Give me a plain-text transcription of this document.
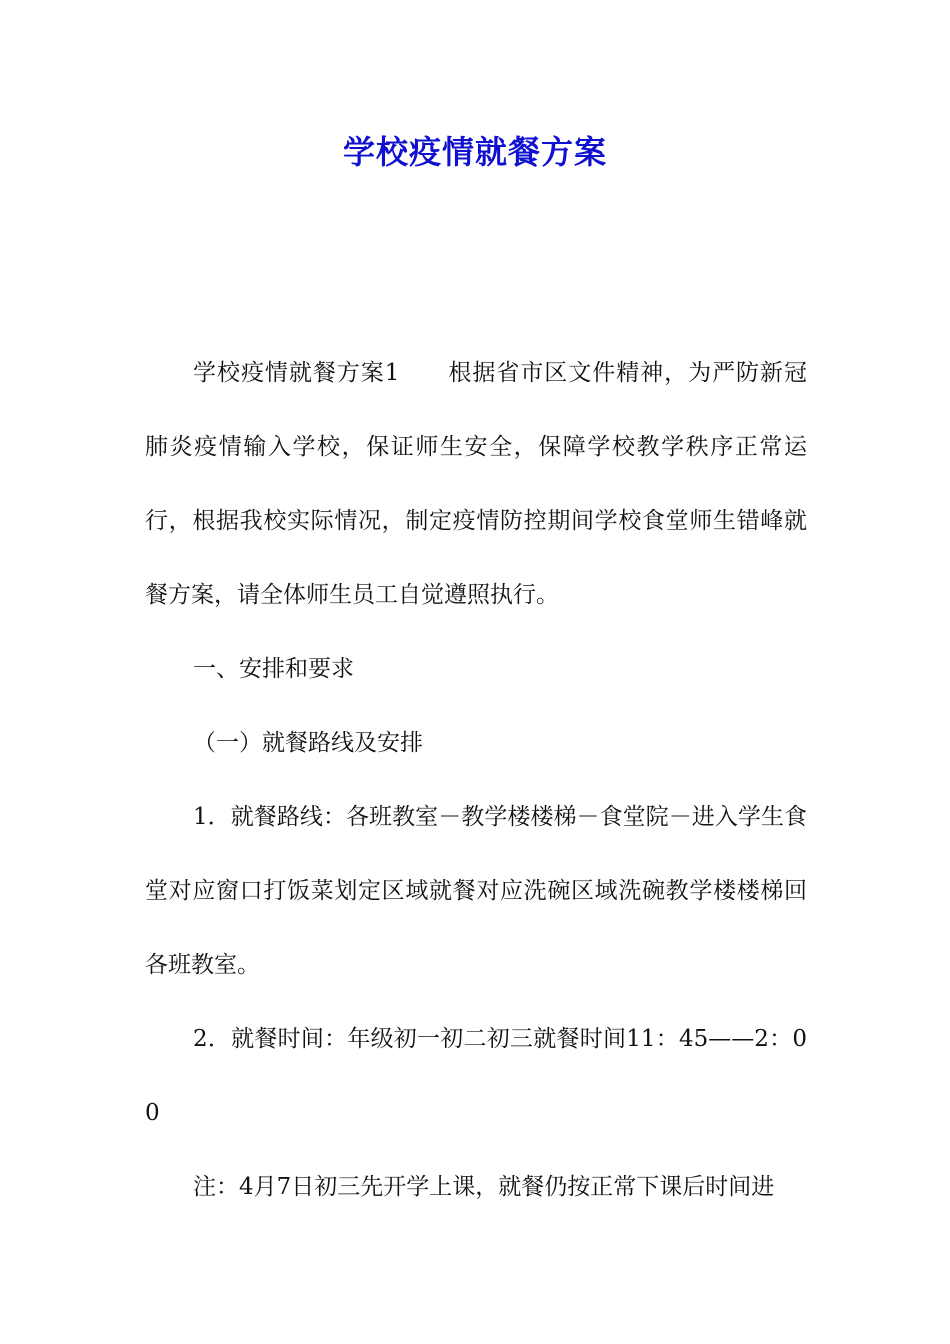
学校疫情就餐方案

学校疫情就餐方案1 根据省市区文件精神，为严防新冠肺炎疫情输入学校，保证师生安全，保障学校教学秩序正常运行，根据我校实际情况，制定疫情防控期间学校食堂师生错峰就餐方案，请全体师生员工自觉遵照执行。

一、安排和要求

（一）就餐路线及安排

1．就餐路线：各班教室－教学楼楼梯－食堂院－进入学生食堂对应窗口打饭菜划定区域就餐对应洗碗区域洗碗教学楼楼梯回各班教室。

2．就餐时间：年级初一初二初三就餐时间11：45——2：00

注：4月7日初三先开学上课，就餐仍按正常下课后时间进
